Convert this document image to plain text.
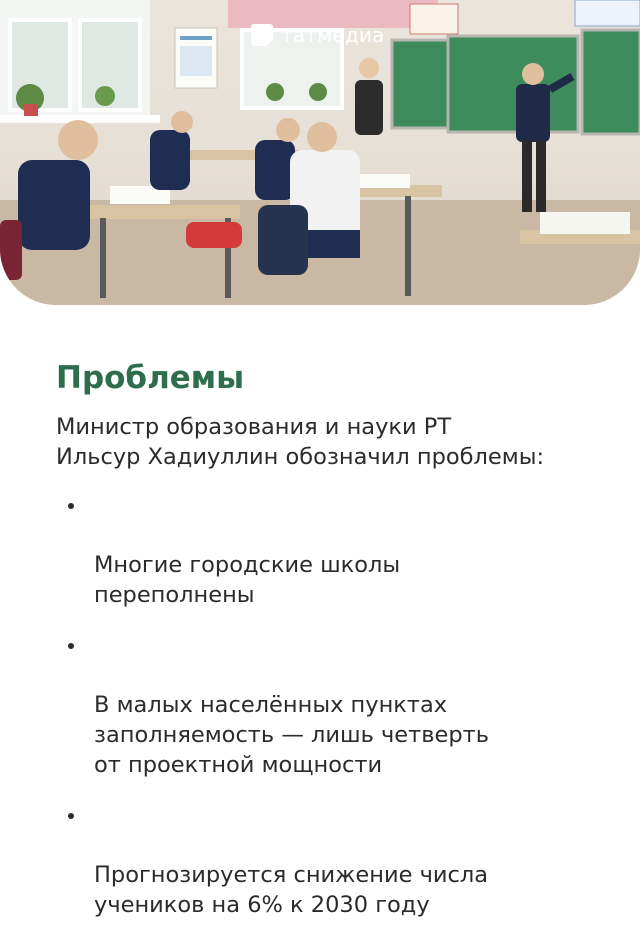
татмедиа
Проблемы

Министр образования и науки РТ
Ильсур Хадиуллин обозначил проблемы:

Многие городские школы
переполнены

В малых населённых пунктах
заполняемость — лишь четверть
от проектной мощности

Прогнозируется снижение числа
учеников на 6% к 2030 году
